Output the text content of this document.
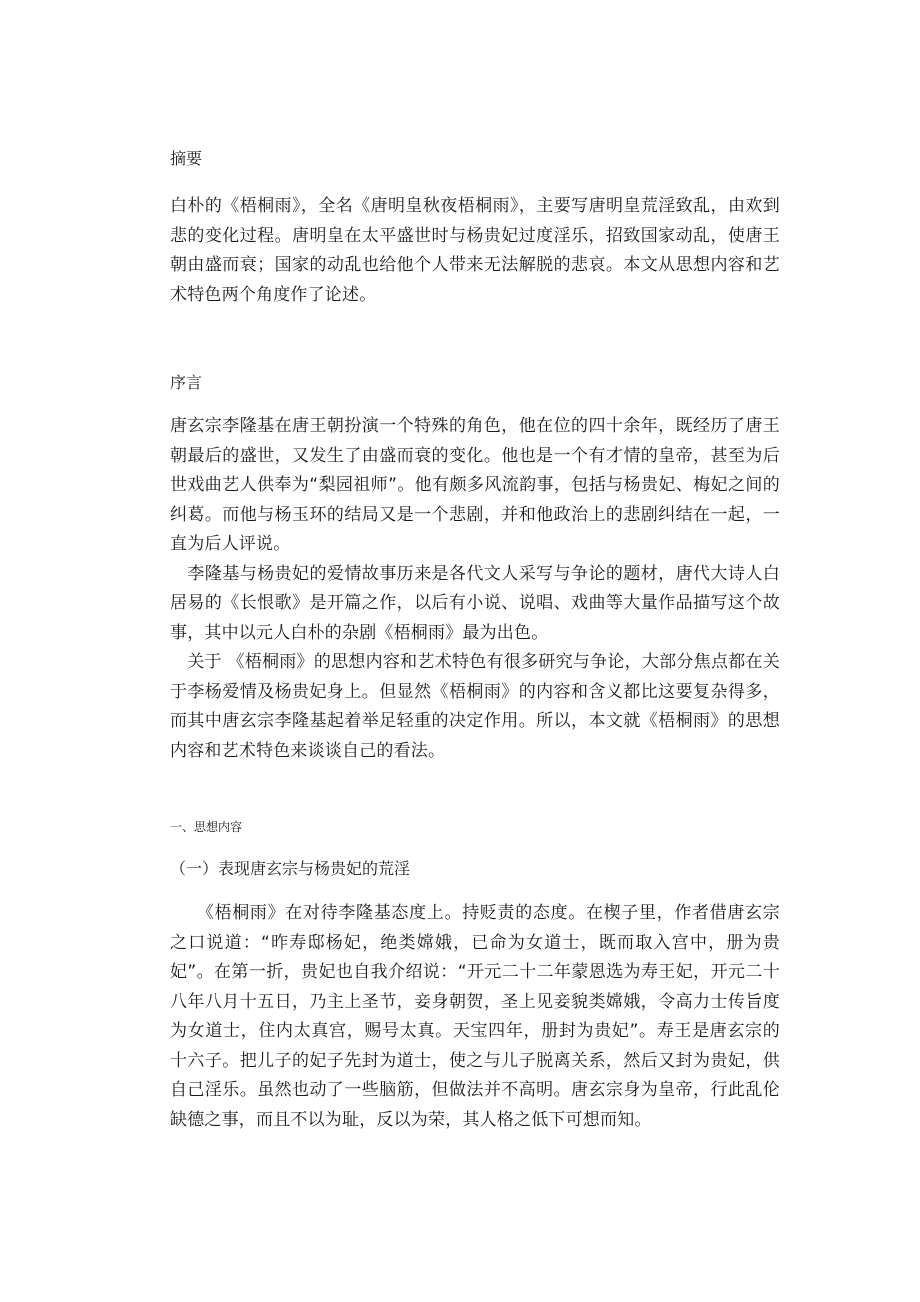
摘要

白朴的《梧桐雨》，全名《唐明皇秋夜梧桐雨》，主要写唐明皇荒淫致乱，由欢到悲的变化过程。唐明皇在太平盛世时与杨贵妃过度淫乐，招致国家动乱，使唐王朝由盛而衰；国家的动乱也给他个人带来无法解脱的悲哀。本文从思想内容和艺术特色两个角度作了论述。

序言

唐玄宗李隆基在唐王朝扮演一个特殊的角色，他在位的四十余年，既经历了唐王朝最后的盛世，又发生了由盛而衰的变化。他也是一个有才情的皇帝，甚至为后世戏曲艺人供奉为“梨园祖师”。他有颇多风流韵事，包括与杨贵妃、梅妃之间的纠葛。而他与杨玉环的结局又是一个悲剧，并和他政治上的悲剧纠结在一起，一直为后人评说。

　李隆基与杨贵妃的爱情故事历来是各代文人采写与争论的题材，唐代大诗人白居易的《长恨歌》是开篇之作，以后有小说、说唱、戏曲等大量作品描写这个故事，其中以元人白朴的杂剧《梧桐雨》最为出色。

　关于 《梧桐雨》的思想内容和艺术特色有很多研究与争论，大部分焦点都在关于李杨爱情及杨贵妃身上。但显然《梧桐雨》的内容和含义都比这要复杂得多，而其中唐玄宗李隆基起着举足轻重的决定作用。所以，本文就《梧桐雨》的思想内容和艺术特色来谈谈自己的看法。

一、思想内容

（一）表现唐玄宗与杨贵妃的荒淫

　　《梧桐雨》在对待李隆基态度上。持贬责的态度。在楔子里，作者借唐玄宗之口说道：“昨寿邸杨妃，绝类嫦娥，已命为女道士，既而取入宫中，册为贵妃”。在第一折，贵妃也自我介绍说：“开元二十二年蒙恩选为寿王妃，开元二十八年八月十五日，乃主上圣节，妾身朝贺，圣上见妾貌类嫦娥，令高力士传旨度为女道士，住内太真宫，赐号太真。天宝四年，册封为贵妃”。寿王是唐玄宗的十六子。把儿子的妃子先封为道士，使之与儿子脱离关系，然后又封为贵妃，供自己淫乐。虽然也动了一些脑筋，但做法并不高明。唐玄宗身为皇帝，行此乱伦缺德之事，而且不以为耻，反以为荣，其人格之低下可想而知。
